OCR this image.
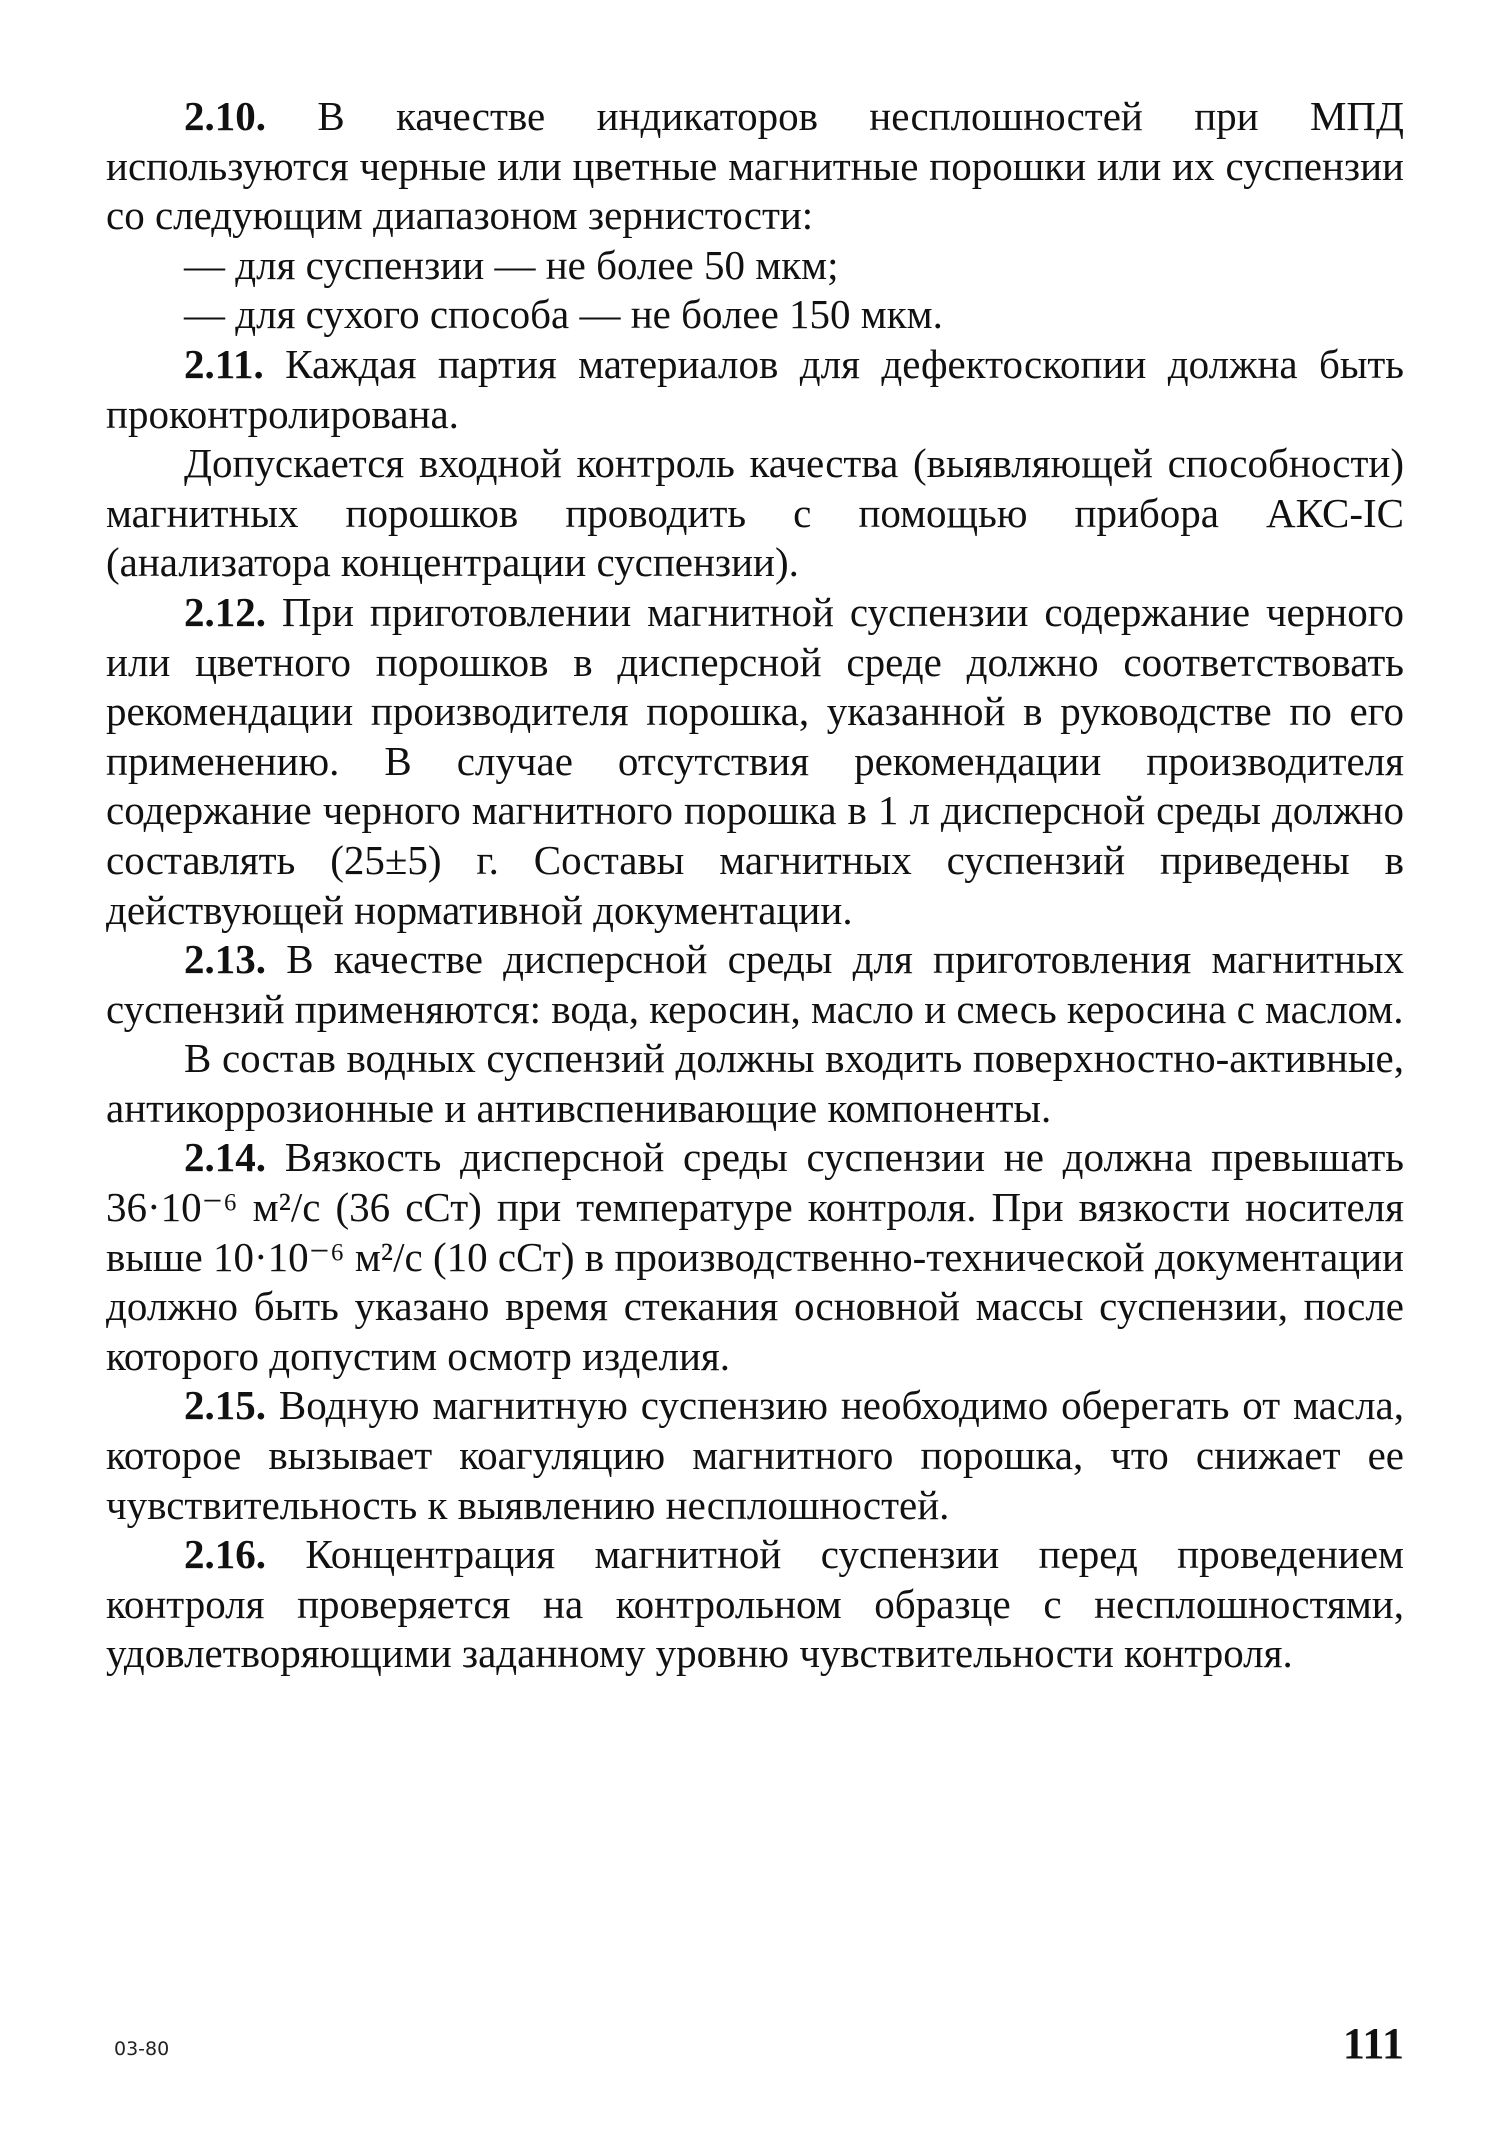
2.10. В качестве индикаторов несплошностей при МПД используются черные или цветные магнитные порошки или их суспензии со следующим диапазоном зернистости:

— для суспензии — не более 50 мкм;

— для сухого способа — не более 150 мкм.

2.11. Каждая партия материалов для дефектоскопии должна быть проконтролирована.

Допускается входной контроль качества (выявляющей способности) магнитных порошков проводить с помощью прибора АКС-IC (анализатора концентрации суспензии).

2.12. При приготовлении магнитной суспензии содержание черного или цветного порошков в дисперсной среде должно соответствовать рекомендации производителя порошка, указанной в руководстве по его применению. В случае отсутствия рекомендации производителя содержание черного магнитного порошка в 1 л дисперсной среды должно составлять (25±5) г. Составы магнитных суспензий приведены в действующей нормативной документации.

2.13. В качестве дисперсной среды для приготовления магнитных суспензий применяются: вода, керосин, масло и смесь керосина с маслом.

В состав водных суспензий должны входить поверхностно-активные, антикоррозионные и антивспенивающие компоненты.

2.14. Вязкость дисперсной среды суспензии не должна превышать 36·10⁻⁶ м²/с (36 сСт) при температуре контроля. При вязкости носителя выше 10·10⁻⁶ м²/с (10 сСт) в производственно-технической документации должно быть указано время стекания основной массы суспензии, после которого допустим осмотр изделия.

2.15. Водную магнитную суспензию необходимо оберегать от масла, которое вызывает коагуляцию магнитного порошка, что снижает ее чувствительность к выявлению несплошностей.

2.16. Концентрация магнитной суспензии перед проведением контроля проверяется на контрольном образце с несплошностями, удовлетворяющими заданному уровню чувствительности контроля.

03-80	111
